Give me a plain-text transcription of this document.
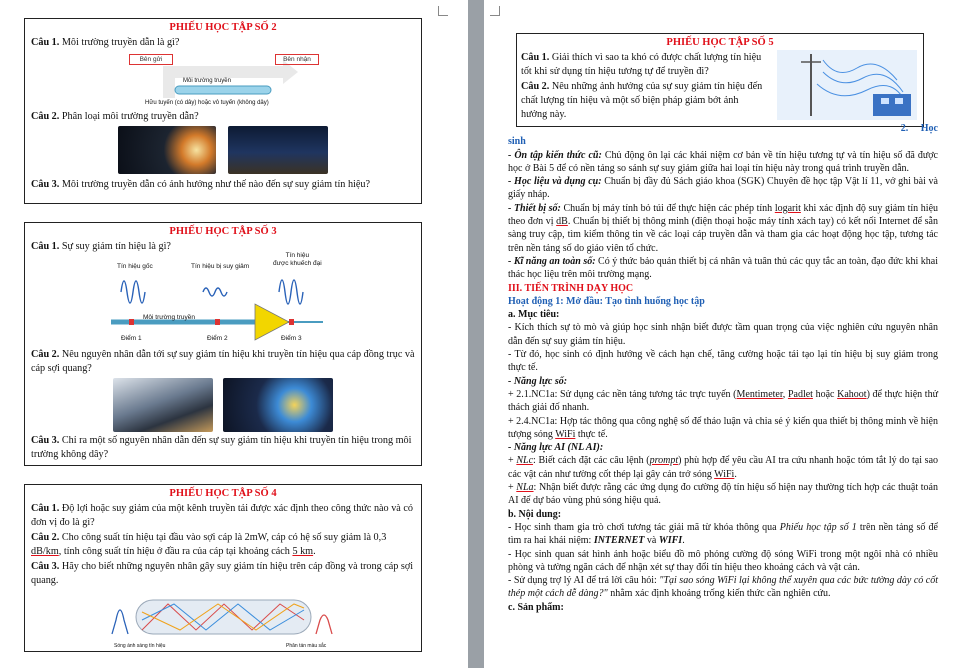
PHIẾU HỌC TẬP SỐ 2
Câu 1. Môi trường truyền dẫn là gì?
Bên gửi	Bên nhận
Môi trường truyền
Hữu tuyến (có dây) hoặc vô tuyến (không dây)
Câu 2. Phân loại môi trường truyền dẫn?
Câu 3. Môi trường truyền dẫn có ảnh hưởng như thế nào đến sự suy giảm tín hiệu?
PHIẾU HỌC TẬP SỐ 3
Câu 1. Sự suy giảm tín hiệu là gì?
Tín hiệu gốc	Tín hiệu bị suy giảm
Tín hiệu
được khuếch đại
Môi trường truyền
Điểm 1	Điểm 2	Điểm 3
Câu 2. Nêu nguyên nhân dẫn tới sự suy giảm tín hiệu khi truyền tín hiệu qua cáp đồng trục và cáp sợi quang?
Câu 3. Chỉ ra một số nguyên nhân dẫn đến sự suy giảm tín hiệu khi truyền tín hiệu trong môi trường không dây?
PHIẾU HỌC TẬP SỐ 4
Câu 1. Độ lợi hoặc suy giảm của một kênh truyền tải được xác định theo công thức nào và có đơn vị đo là gì?
Câu 2. Cho công suất tín hiệu tại đầu vào sợi cáp là 2mW, cáp có hệ số suy giảm là 0,3 dB/km, tính công suất tín hiệu ở đầu ra của cáp tại khoảng cách 5 km.
Câu 3. Hãy cho biết những nguyên nhân gây suy giảm tín hiệu trên cáp đồng và trong cáp sợi quang.
Sóng ánh sáng tín hiệu	Phân tán màu sắc
PHIẾU HỌC TẬP SỐ 5
Câu 1. Giải thích vì sao ta khó có được chất lượng tín hiệu tốt khi sử dụng tín hiệu tương tự để truyền đi?
Câu 2. Nêu những ảnh hưởng của sự suy giảm tín hiệu đến chất lượng tín hiệu và một số biện pháp giảm bớt ảnh hưởng này.

2. Học

sinh

- Ôn tập kiến thức cũ: Chủ động ôn lại các khái niệm cơ bản về tín hiệu tương tự và tín hiệu số đã được học ở Bài 5 để có nền tảng so sánh sự suy giảm giữa hai loại tín hiệu này trong quá trình truyền dẫn.

- Học liệu và dụng cụ: Chuẩn bị đầy đủ Sách giáo khoa (SGK) Chuyên đề học tập Vật lí 11, vở ghi bài và giấy nháp.

- Thiết bị số: Chuẩn bị máy tính bỏ túi để thực hiện các phép tính logarit khi xác định độ suy giảm tín hiệu theo đơn vị dB. Chuẩn bị thiết bị thông minh (điện thoại hoặc máy tính xách tay) có kết nối Internet để sẵn sàng truy cập, tìm kiếm thông tin về các loại cáp truyền dẫn và tham gia các hoạt động học tập, tương tác trên nền tảng số do giáo viên tổ chức.

- Kĩ năng an toàn số: Có ý thức bảo quản thiết bị cá nhân và tuân thủ các quy tắc an toàn, đạo đức khi khai thác học liệu trên môi trường mạng.

III. TIẾN TRÌNH DẠY HỌC

Hoạt động 1: Mở đầu: Tạo tình huống học tập

a. Mục tiêu:

- Kích thích sự tò mò và giúp học sinh nhận biết được tầm quan trọng của việc nghiên cứu nguyên nhân dẫn đến sự suy giảm tín hiệu.

- Từ đó, học sinh có định hướng về cách hạn chế, tăng cường hoặc tái tạo lại tín hiệu bị suy giảm trong thực tế.

- Năng lực số:

+ 2.1.NC1a: Sử dụng các nền tảng tương tác trực tuyến (Mentimeter, Padlet hoặc Kahoot) để thực hiện thử thách giải đố nhanh.

+ 2.4.NC1a: Hợp tác thông qua công nghệ số để thảo luận và chia sẻ ý kiến qua thiết bị thông minh về hiện tượng sóng WiFi thực tế.

- Năng lực AI (NL AI):

+ NLc: Biết cách đặt các câu lệnh (prompt) phù hợp để yêu cầu AI tra cứu nhanh hoặc tóm tắt lý do tại sao các vật cản như tường cốt thép lại gây cản trở sóng WiFi.

+ NLa: Nhận biết được rằng các ứng dụng đo cường độ tín hiệu số hiện nay thường tích hợp các thuật toán AI để dự báo vùng phủ sóng hiệu quả.

b. Nội dung:

- Học sinh tham gia trò chơi tương tác giải mã từ khóa thông qua Phiếu học tập số 1 trên nền tảng số để tìm ra hai khái niệm: INTERNET và WIFI.

- Học sinh quan sát hình ảnh hoặc biểu đồ mô phỏng cường độ sóng WiFi trong một ngôi nhà có nhiều phòng và tường ngăn cách để nhận xét sự thay đổi tín hiệu theo khoảng cách và vật cản.

- Sử dụng trợ lý AI để trả lời câu hỏi: "Tại sao sóng WiFi lại không thể xuyên qua các bức tường dày có cốt thép một cách dễ dàng?" nhằm xác định khoảng trống kiến thức cần nghiên cứu.

c. Sản phẩm:
